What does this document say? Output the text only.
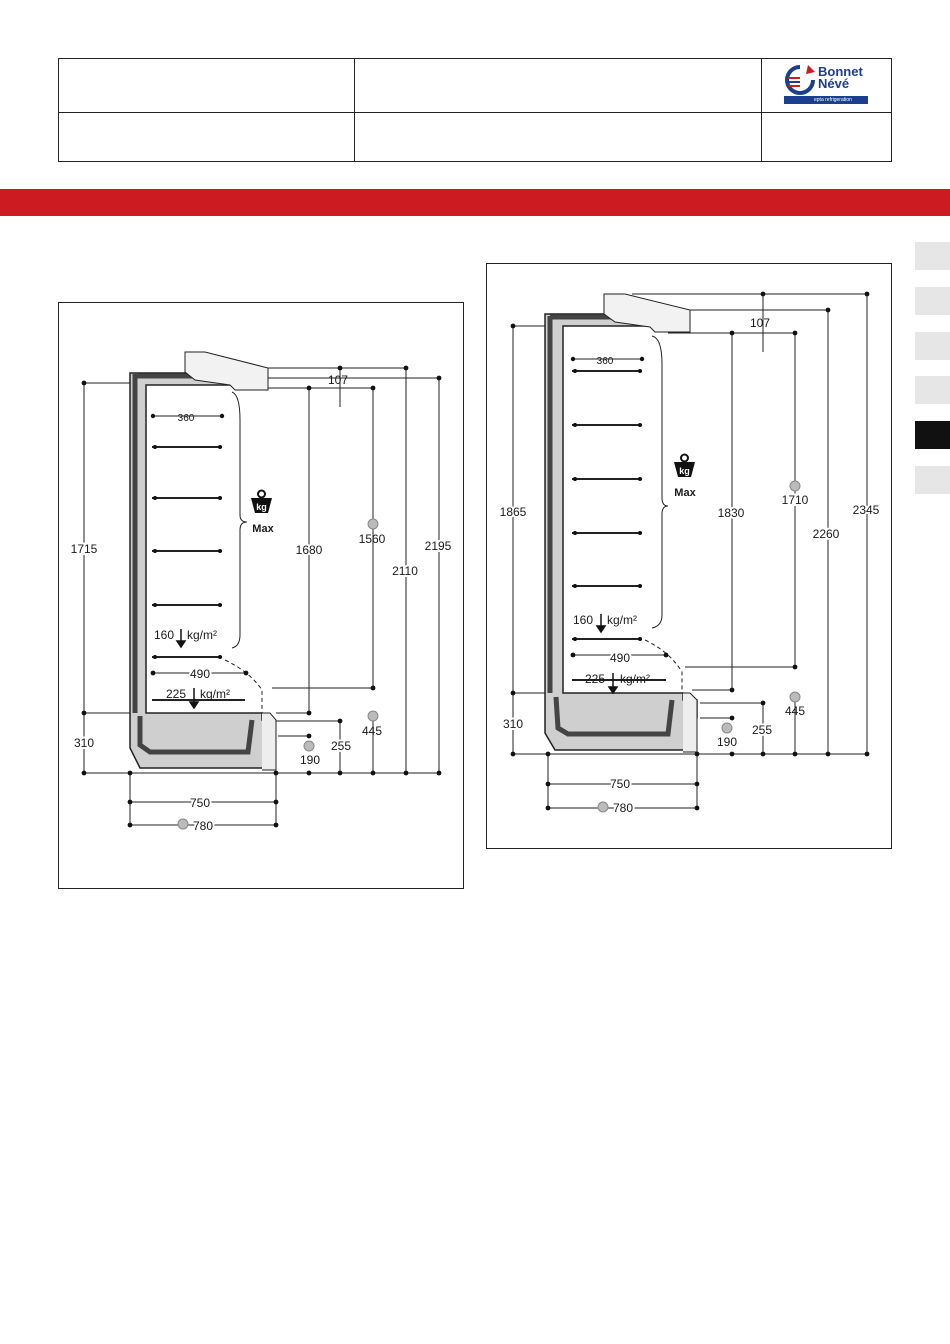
Bonnet
Névé
epta refrigeration
kg
Max
107
360
1715	1680
1560
2110
2195
160 kg/m²
490
225 kg/m²
310
445
255
190
750
780
kg
Max
107
360
1865	1830
1710
2260
2345
160 kg/m²
490
225 kg/m²
310
445
255
190
750
780
